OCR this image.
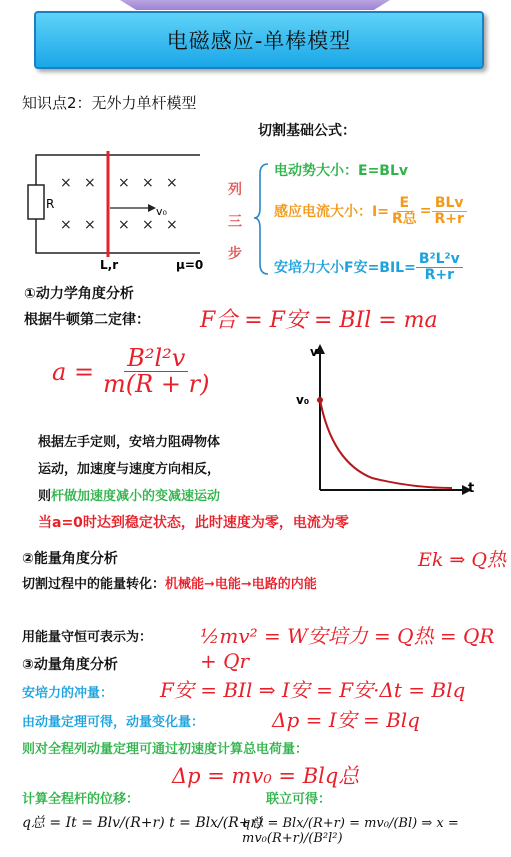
电磁感应-单棒模型
知识点2：无外力单杆模型
切割基础公式：
× × × × ×
× × × × ×
v₀
R
L,r	μ=0
列
三
步
电动势大小：E=BLv
感应电流大小：$I= \frac{E}{\text{R总}} = \frac{\text{BLv}}{R+r}$
安培力大小F安$=BIL= \frac{\text{B²L²v}}{R+r}$
①动力学角度分析
根据牛顿第二定律： F合 = F安 = BIl = ma
$a = \frac{\text{B²l²v}}{m(R + r)}$
根据左手定则，安培力阻碍物体
运动，加速度与速度方向相反，
则杆做加速度减小的变减速运动
当a=0时达到稳定状态，此时速度为零，电流为零
v
t
v₀
②能量角度分析	Ek ⇒ Q热
切割过程中的能量转化：机械能➞电能➞电路的内能
用能量守恒可表示为： ½mv² = W安培力 = Q热 = QR + Qr
③动量角度分析
安培力的冲量： F安 = BIl ⇒ I安 = F安·Δt = Blq
由动量定理可得，动量变化量：	Δp = I安 = Blq
则对全程列动量定理可通过初速度计算总电荷量：
Δp = mv₀ = Blq总
计算全程杆的位移：	联立可得：
q总 = It = Blv/(R+r) t = Blx/(R+r)
q总 = Blx/(R+r) = mv₀/(Bl) ⇒ x = mv₀(R+r)/(B²l²)
